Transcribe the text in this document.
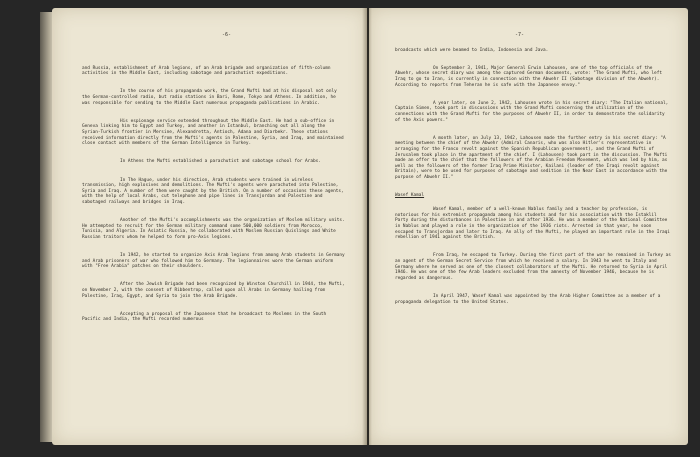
-6-

and Russia, establishment of Arab legions, of an Arab brigade and organization of fifth-column activities in the Middle East, including sabotage and parachutist expeditions.

In the course of his propaganda work, the Grand Mufti had at his disposal not only the German-controlled radio, but radio stations in Bari, Rome, Tokyo and Athens. In addition, he was responsible for sending to the Middle East numerous propaganda publications in Arabic.

His espionage service extended throughout the Middle East. He had a sub-office in Geneva linking him to Egypt and Turkey, and another in Istanbul, branching out all along the Syrian-Turkish frontier in Mersine, Alexandretta, Antioch, Adana and Diarbekr. These stations received information directly from the Mufti's agents in Palestine, Syria, and Iraq, and maintained close contact with members of the German Intelligence in Turkey.

In Athens the Mufti established a parachutist and sabotage school for Arabs.

In The Hague, under his direction, Arab students were trained in wireless transmission, high explosives and demolitions. The Mufti's agents were parachuted into Palestine, Syria and Iraq. A number of them were caught by the British. On a number of occasions these agents, with the help of local Arabs, cut telephone and pipe lines in Transjordan and Palestine and sabotaged railways and bridges in Iraq.

Another of the Mufti's accomplishments was the organization of Moslem military units. He attempted to recruit for the German military command some 500,000 soldiers from Morocco, Tunisia, and Algeria. In Asiatic Russia, he collaborated with Moslem Russian Quislings and White Russian traitors whom he helped to form pro-Axis legions.

In 1942, he started to organize Axis Arab legions from among Arab students in Germany and Arab prisoners of war who followed him to Germany. The legionnaires wore the German uniform with "Free Arabia" patches on their shoulders.

After the Jewish Brigade had been recognized by Winston Churchill in 1944, the Mufti, on November 2, with the consent of Ribbentrop, called upon all Arabs in Germany hailing from Palestine, Iraq, Egypt, and Syria to join the Arab Brigade.

Accepting a proposal of the Japanese that he broadcast to Moslems in the South Pacific and India, the Mufti recorded numerous

-7-

broadcasts which were beamed to India, Indonesia and Java.

On September 3, 1941, Major General Erwin Lahousen, one of the top officials of the Abwehr, whose secret diary was among the captured German documents, wrote: "The Grand Mufti, who left Iraq to go to Iran, is currently in connection with the Abwehr II (Sabotage division of the Abwehr). According to reports from Teheran he is safe with the Japanese envoy."

A year later, on June 2, 1942, Lahousen wrote in his secret diary: "The Italian national, Captain Simen, took part in discussions with the Grand Mufti concerning the utilization of the connections with the Grand Mufti for the purposes of Abwehr II, in order to demonstrate the solidarity of the Axis powers."

A month later, on July 13, 1942, Lahousen made the further entry in his secret diary: "A meeting between the chief of the Abwehr (Admiral Canaris, who was also Hitler's representative in arranging for the Franco revolt against the Spanish Republican government), and the Grand Mufti of Jerusalem took place in the apartment of the chief. I (Lahousen) took part in the discussion. The Mufti made an offer to the chief that the followers of the Arabian Freedom Movement, which was led by him, as well as the followers of the former Iraq Prime Minister, Kailani (leader of the Iraqi revolt against Britain), were to be used for purposes of sabotage and sedition in the Near East in accordance with the purpose of Abwehr II."

Wasef Kamal

Wasef Kamal, member of a well-known Nablus family and a teacher by profession, is notorious for his extremist propaganda among his students and for his association with the Istaklil Party during the disturbances in Palestine in and after 1936. He was a member of the National Committee in Nablus and played a role in the organization of the 1936 riots. Arrested in that year, he soon escaped to Transjordan and later to Iraq. An ally of the Mufti, he played an important role in the Iraqi rebellion of 1941 against the British.

From Iraq, he escaped to Turkey. During the first part of the war he remained in Turkey as an agent of the German Secret Service from which he received a salary. In 1943 he went to Italy and Germany where he served as one of the closest collaborators of the Mufti. He returned to Syria in April 1946. He was one of the few Arab leaders excluded from the amnesty of November 1946, because he is regarded as dangerous.

In April 1947, Wasef Kamal was appointed by the Arab Higher Committee as a member of a propaganda delegation to the United States.
